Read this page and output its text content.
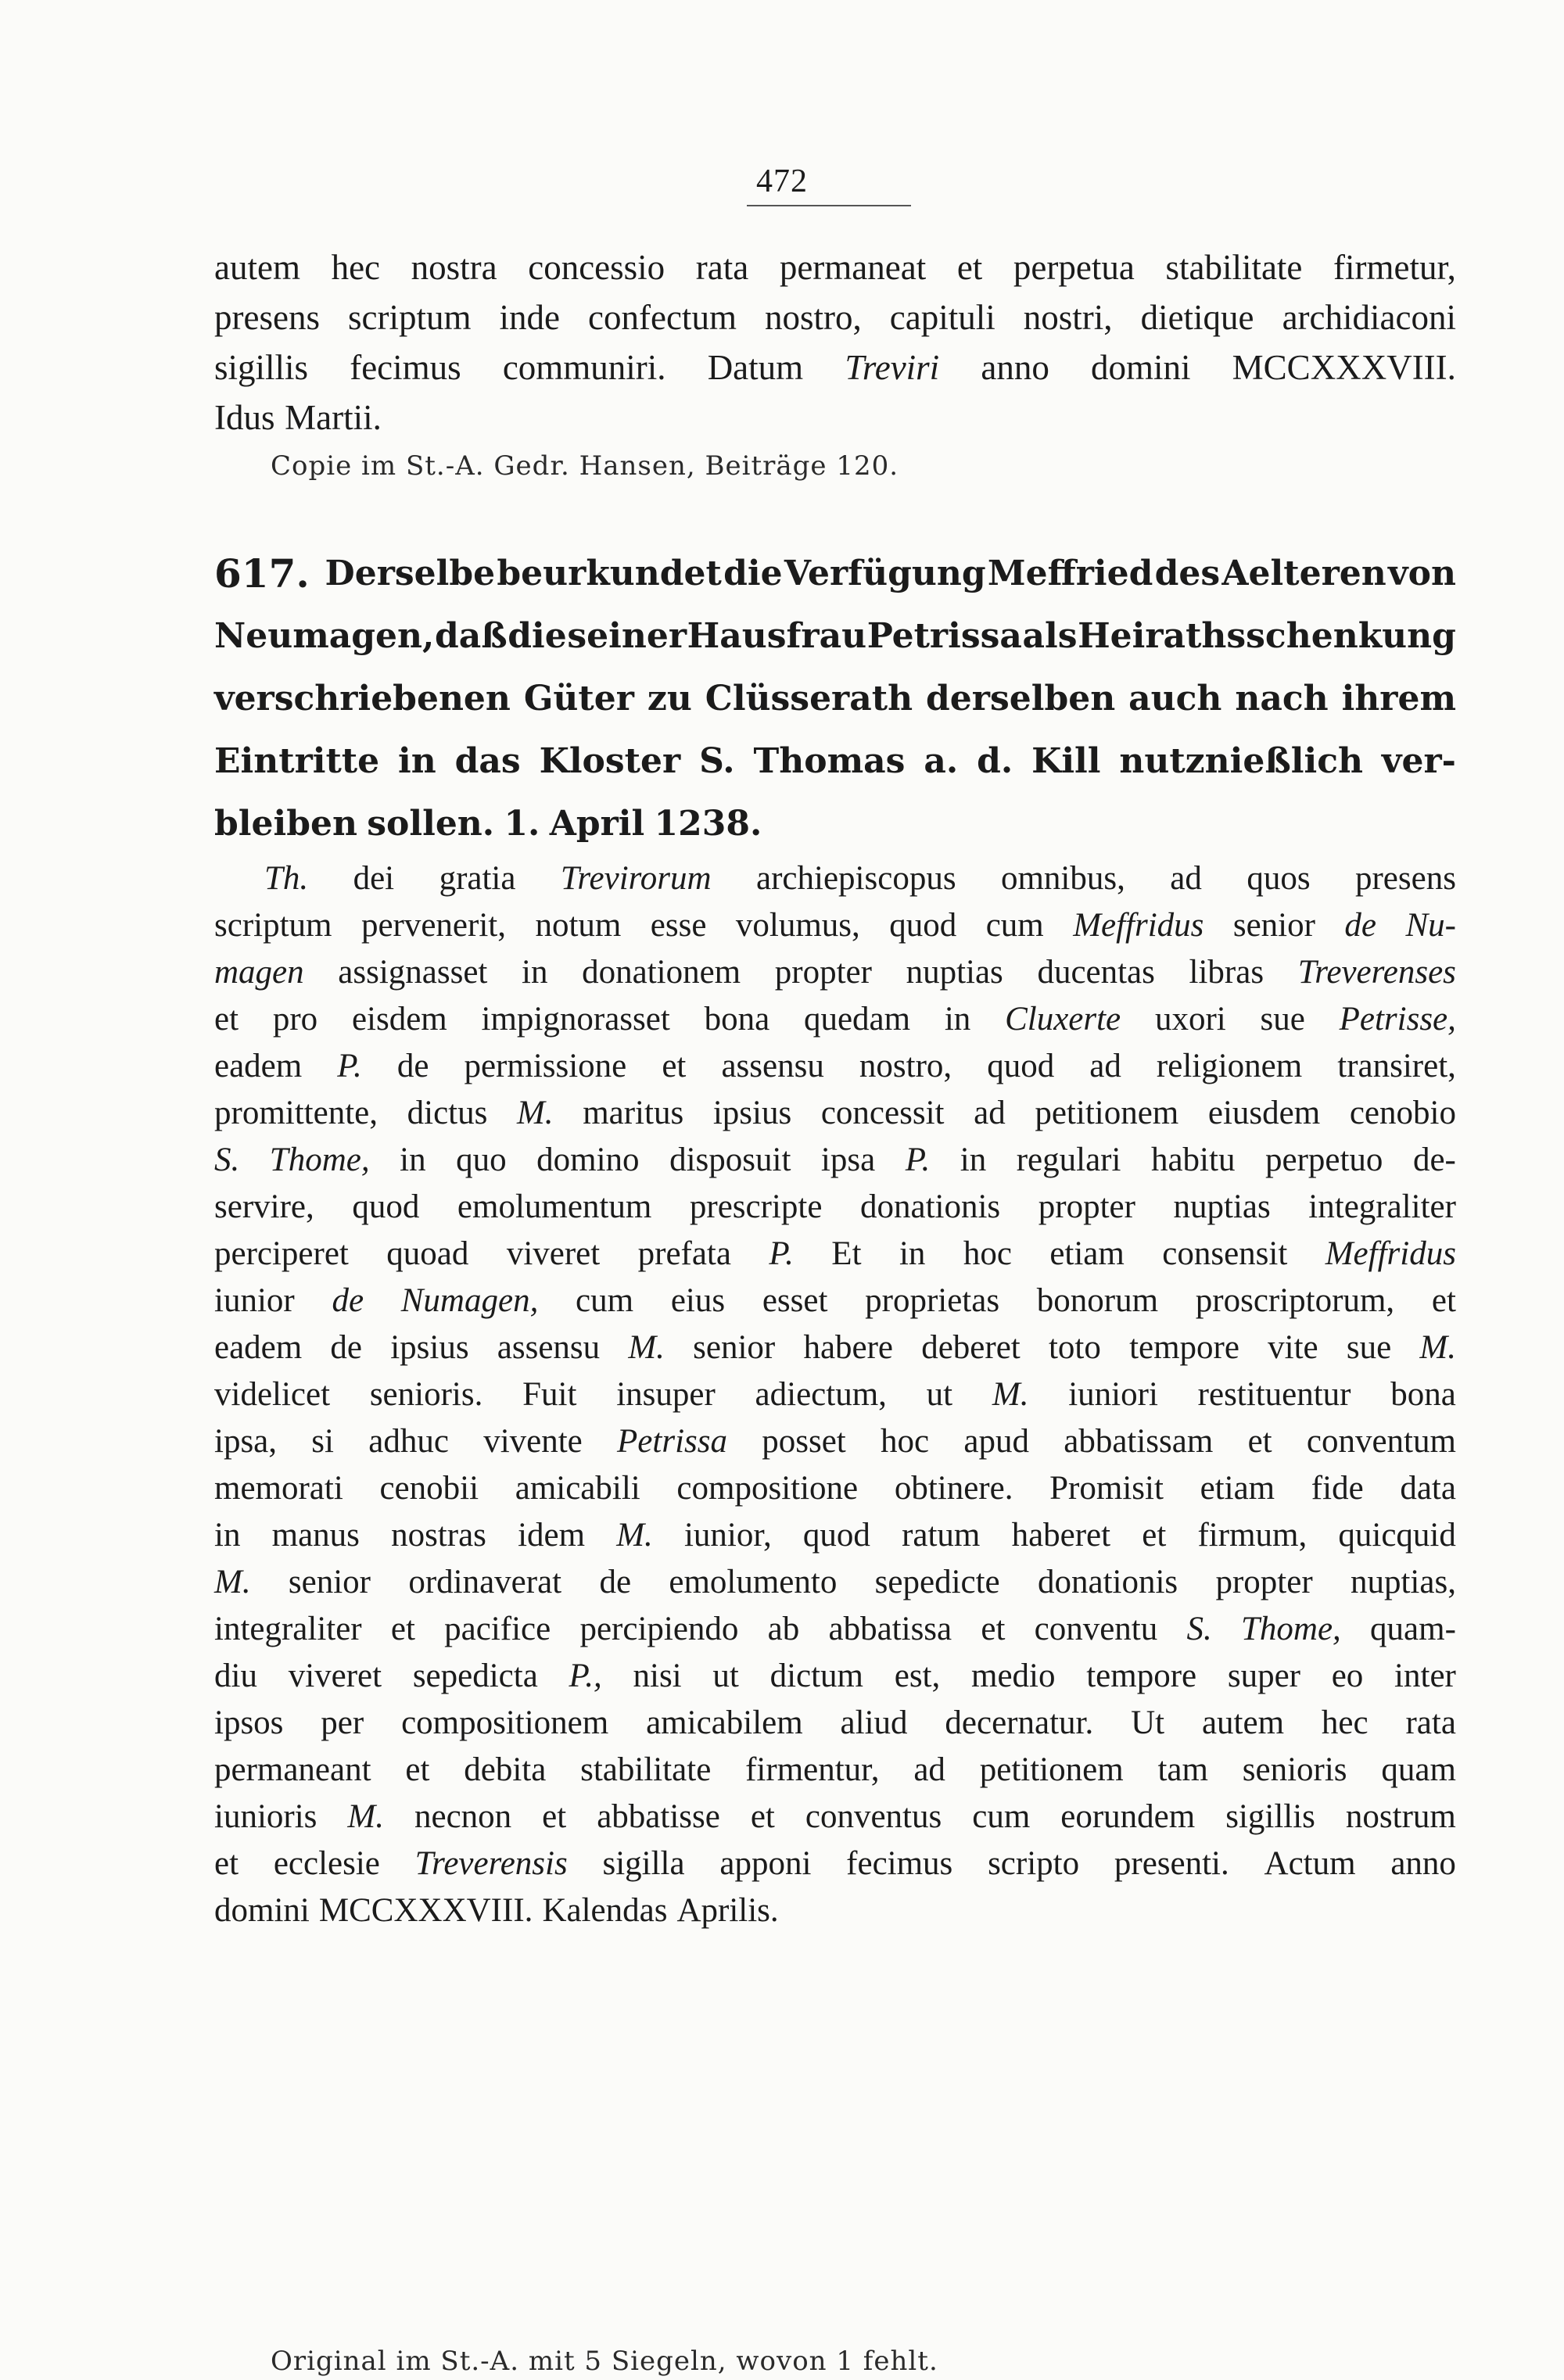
472
autem hec nostra concessio rata permaneat et perpetua stabilitate firmetur,
presens scriptum inde confectum nostro, capituli nostri, dietique archidiaconi
sigillis fecimus communiri. Datum Treviri anno domini MCCXXXVIII.
Idus Martii.
Copie im St.-A. Gedr. Hansen, Beiträge 120.
617. Derselbe beurkundet die Verfügung Meffried des Aelteren von
Neumagen, daß die seiner Hausfrau Petrissa als Heirathsschenkung
verschriebenen Güter zu Clüsserath derselben auch nach ihrem
Eintritte in das Kloster S. Thomas a. d. Kill nutznießlich ver-
bleiben sollen. 1. April 1238.
Th. dei gratia Trevirorum archiepiscopus omnibus, ad quos presens
scriptum pervenerit, notum esse volumus, quod cum Meffridus senior de Nu-
magen assignasset in donationem propter nuptias ducentas libras Treverenses
et pro eisdem impignorasset bona quedam in Cluxerte uxori sue Petrisse,
eadem P. de permissione et assensu nostro, quod ad religionem transiret,
promittente, dictus M. maritus ipsius concessit ad petitionem eiusdem cenobio
S. Thome, in quo domino disposuit ipsa P. in regulari habitu perpetuo de-
servire, quod emolumentum prescripte donationis propter nuptias integraliter
perciperet quoad viveret prefata P. Et in hoc etiam consensit Meffridus
iunior de Numagen, cum eius esset proprietas bonorum proscriptorum, et
eadem de ipsius assensu M. senior habere deberet toto tempore vite sue M.
videlicet senioris. Fuit insuper adiectum, ut M. iuniori restituentur bona
ipsa, si adhuc vivente Petrissa posset hoc apud abbatissam et conventum
memorati cenobii amicabili compositione obtinere. Promisit etiam fide data
in manus nostras idem M. iunior, quod ratum haberet et firmum, quicquid
M. senior ordinaverat de emolumento sepedicte donationis propter nuptias,
integraliter et pacifice percipiendo ab abbatissa et conventu S. Thome, quam-
diu viveret sepedicta P., nisi ut dictum est, medio tempore super eo inter
ipsos per compositionem amicabilem aliud decernatur. Ut autem hec rata
permaneant et debita stabilitate firmentur, ad petitionem tam senioris quam
iunioris M. necnon et abbatisse et conventus cum eorundem sigillis nostrum
et ecclesie Treverensis sigilla apponi fecimus scripto presenti. Actum anno
domini MCCXXXVIII. Kalendas Aprilis.
Original im St.-A. mit 5 Siegeln, wovon 1 fehlt.
